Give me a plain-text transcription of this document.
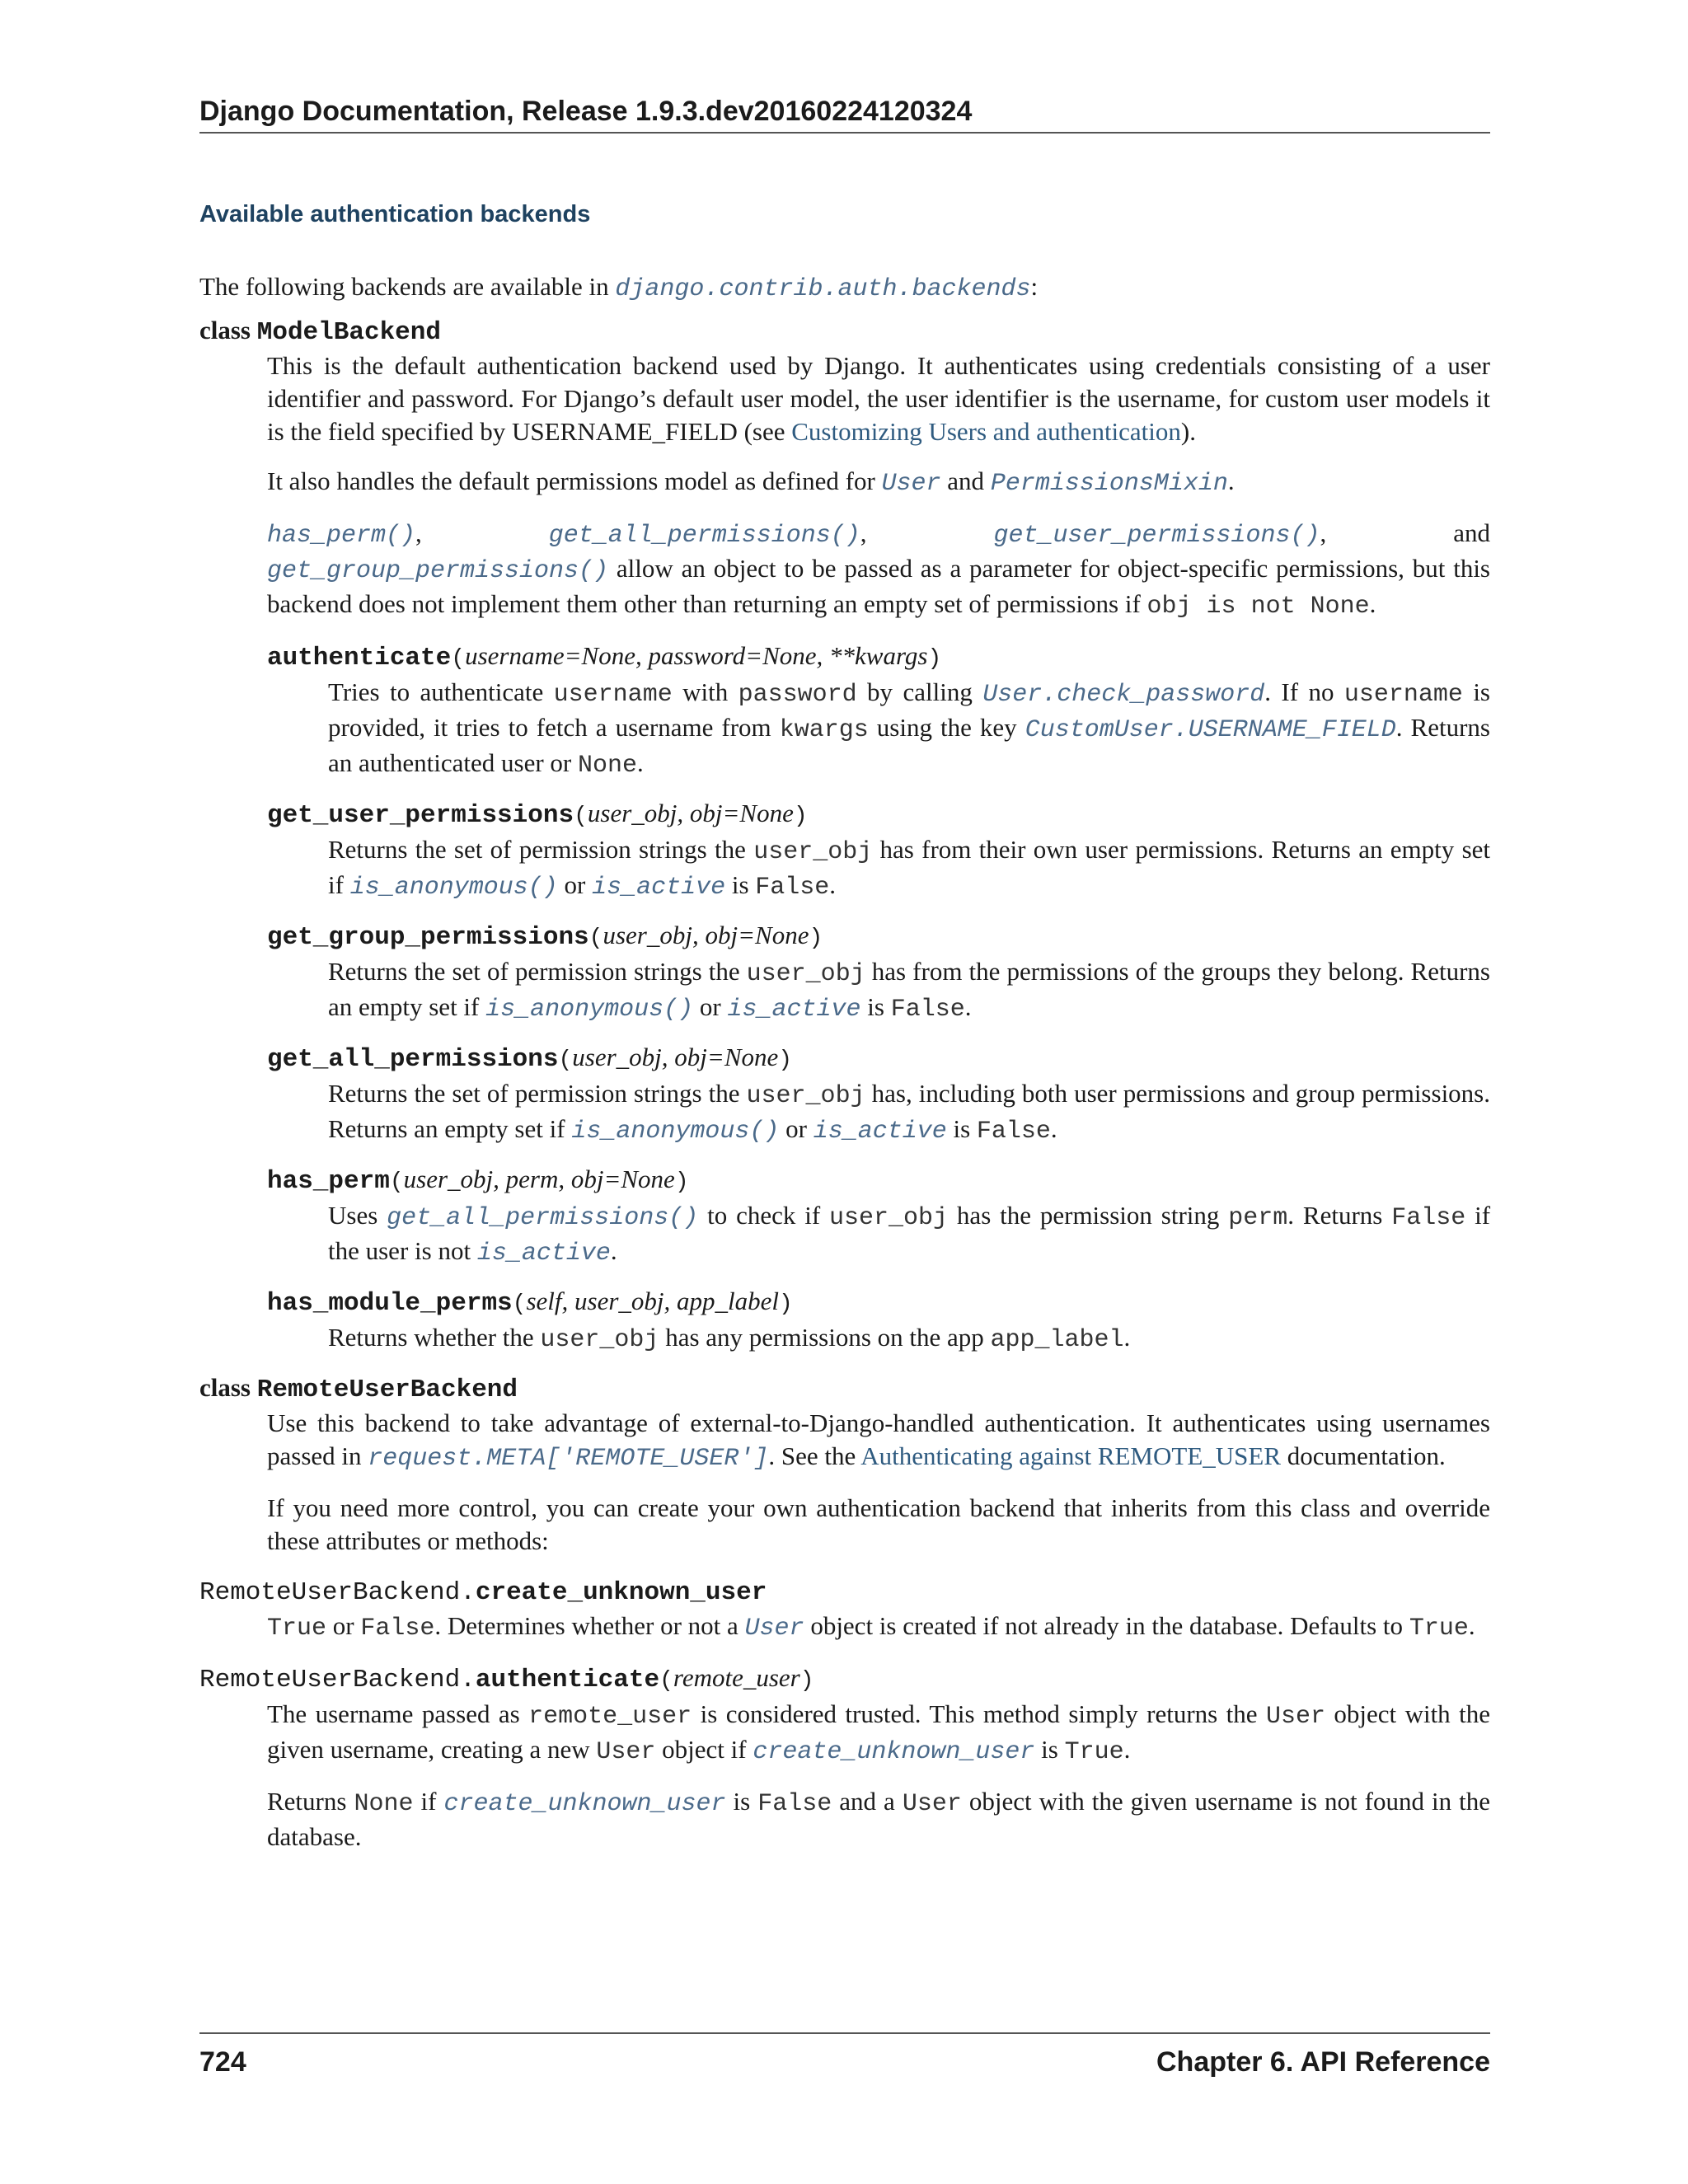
Django Documentation, Release 1.9.3.dev20160224120324
Available authentication backends

The following backends are available in django.contrib.auth.backends:

class ModelBackend

This is the default authentication backend used by Django. It authenticates using credentials consisting of a user identifier and password. For Django’s default user model, the user identifier is the username, for custom user models it is the field specified by USERNAME_FIELD (see Customizing Users and authentication).

It also handles the default permissions model as defined for User and PermissionsMixin.

has_perm(), get_all_permissions(), get_user_permissions(), and
get_group_permissions() allow an object to be passed as a parameter for object-specific permissions, but this backend does not implement them other than returning an empty set of permissions if obj is not None.

authenticate(username=None, password=None, **kwargs)

Tries to authenticate username with password by calling User.check_password. If no username is provided, it tries to fetch a username from kwargs using the key CustomUser.USERNAME_FIELD. Returns an authenticated user or None.

get_user_permissions(user_obj, obj=None)

Returns the set of permission strings the user_obj has from their own user permissions. Returns an empty set if is_anonymous() or is_active is False.

get_group_permissions(user_obj, obj=None)

Returns the set of permission strings the user_obj has from the permissions of the groups they belong. Returns an empty set if is_anonymous() or is_active is False.

get_all_permissions(user_obj, obj=None)

Returns the set of permission strings the user_obj has, including both user permissions and group permissions. Returns an empty set if is_anonymous() or is_active is False.

has_perm(user_obj, perm, obj=None)

Uses get_all_permissions() to check if user_obj has the permission string perm. Returns False if the user is not is_active.

has_module_perms(self, user_obj, app_label)

Returns whether the user_obj has any permissions on the app app_label.

class RemoteUserBackend

Use this backend to take advantage of external-to-Django-handled authentication. It authenticates using usernames passed in request.META['REMOTE_USER']. See the Authenticating against REMOTE_USER documentation.

If you need more control, you can create your own authentication backend that inherits from this class and override these attributes or methods:

RemoteUserBackend.create_unknown_user

True or False. Determines whether or not a User object is created if not already in the database. Defaults to True.

RemoteUserBackend.authenticate(remote_user)

The username passed as remote_user is considered trusted. This method simply returns the User object with the given username, creating a new User object if create_unknown_user is True.

Returns None if create_unknown_user is False and a User object with the given username is not found in the database.

724	Chapter 6. API Reference
